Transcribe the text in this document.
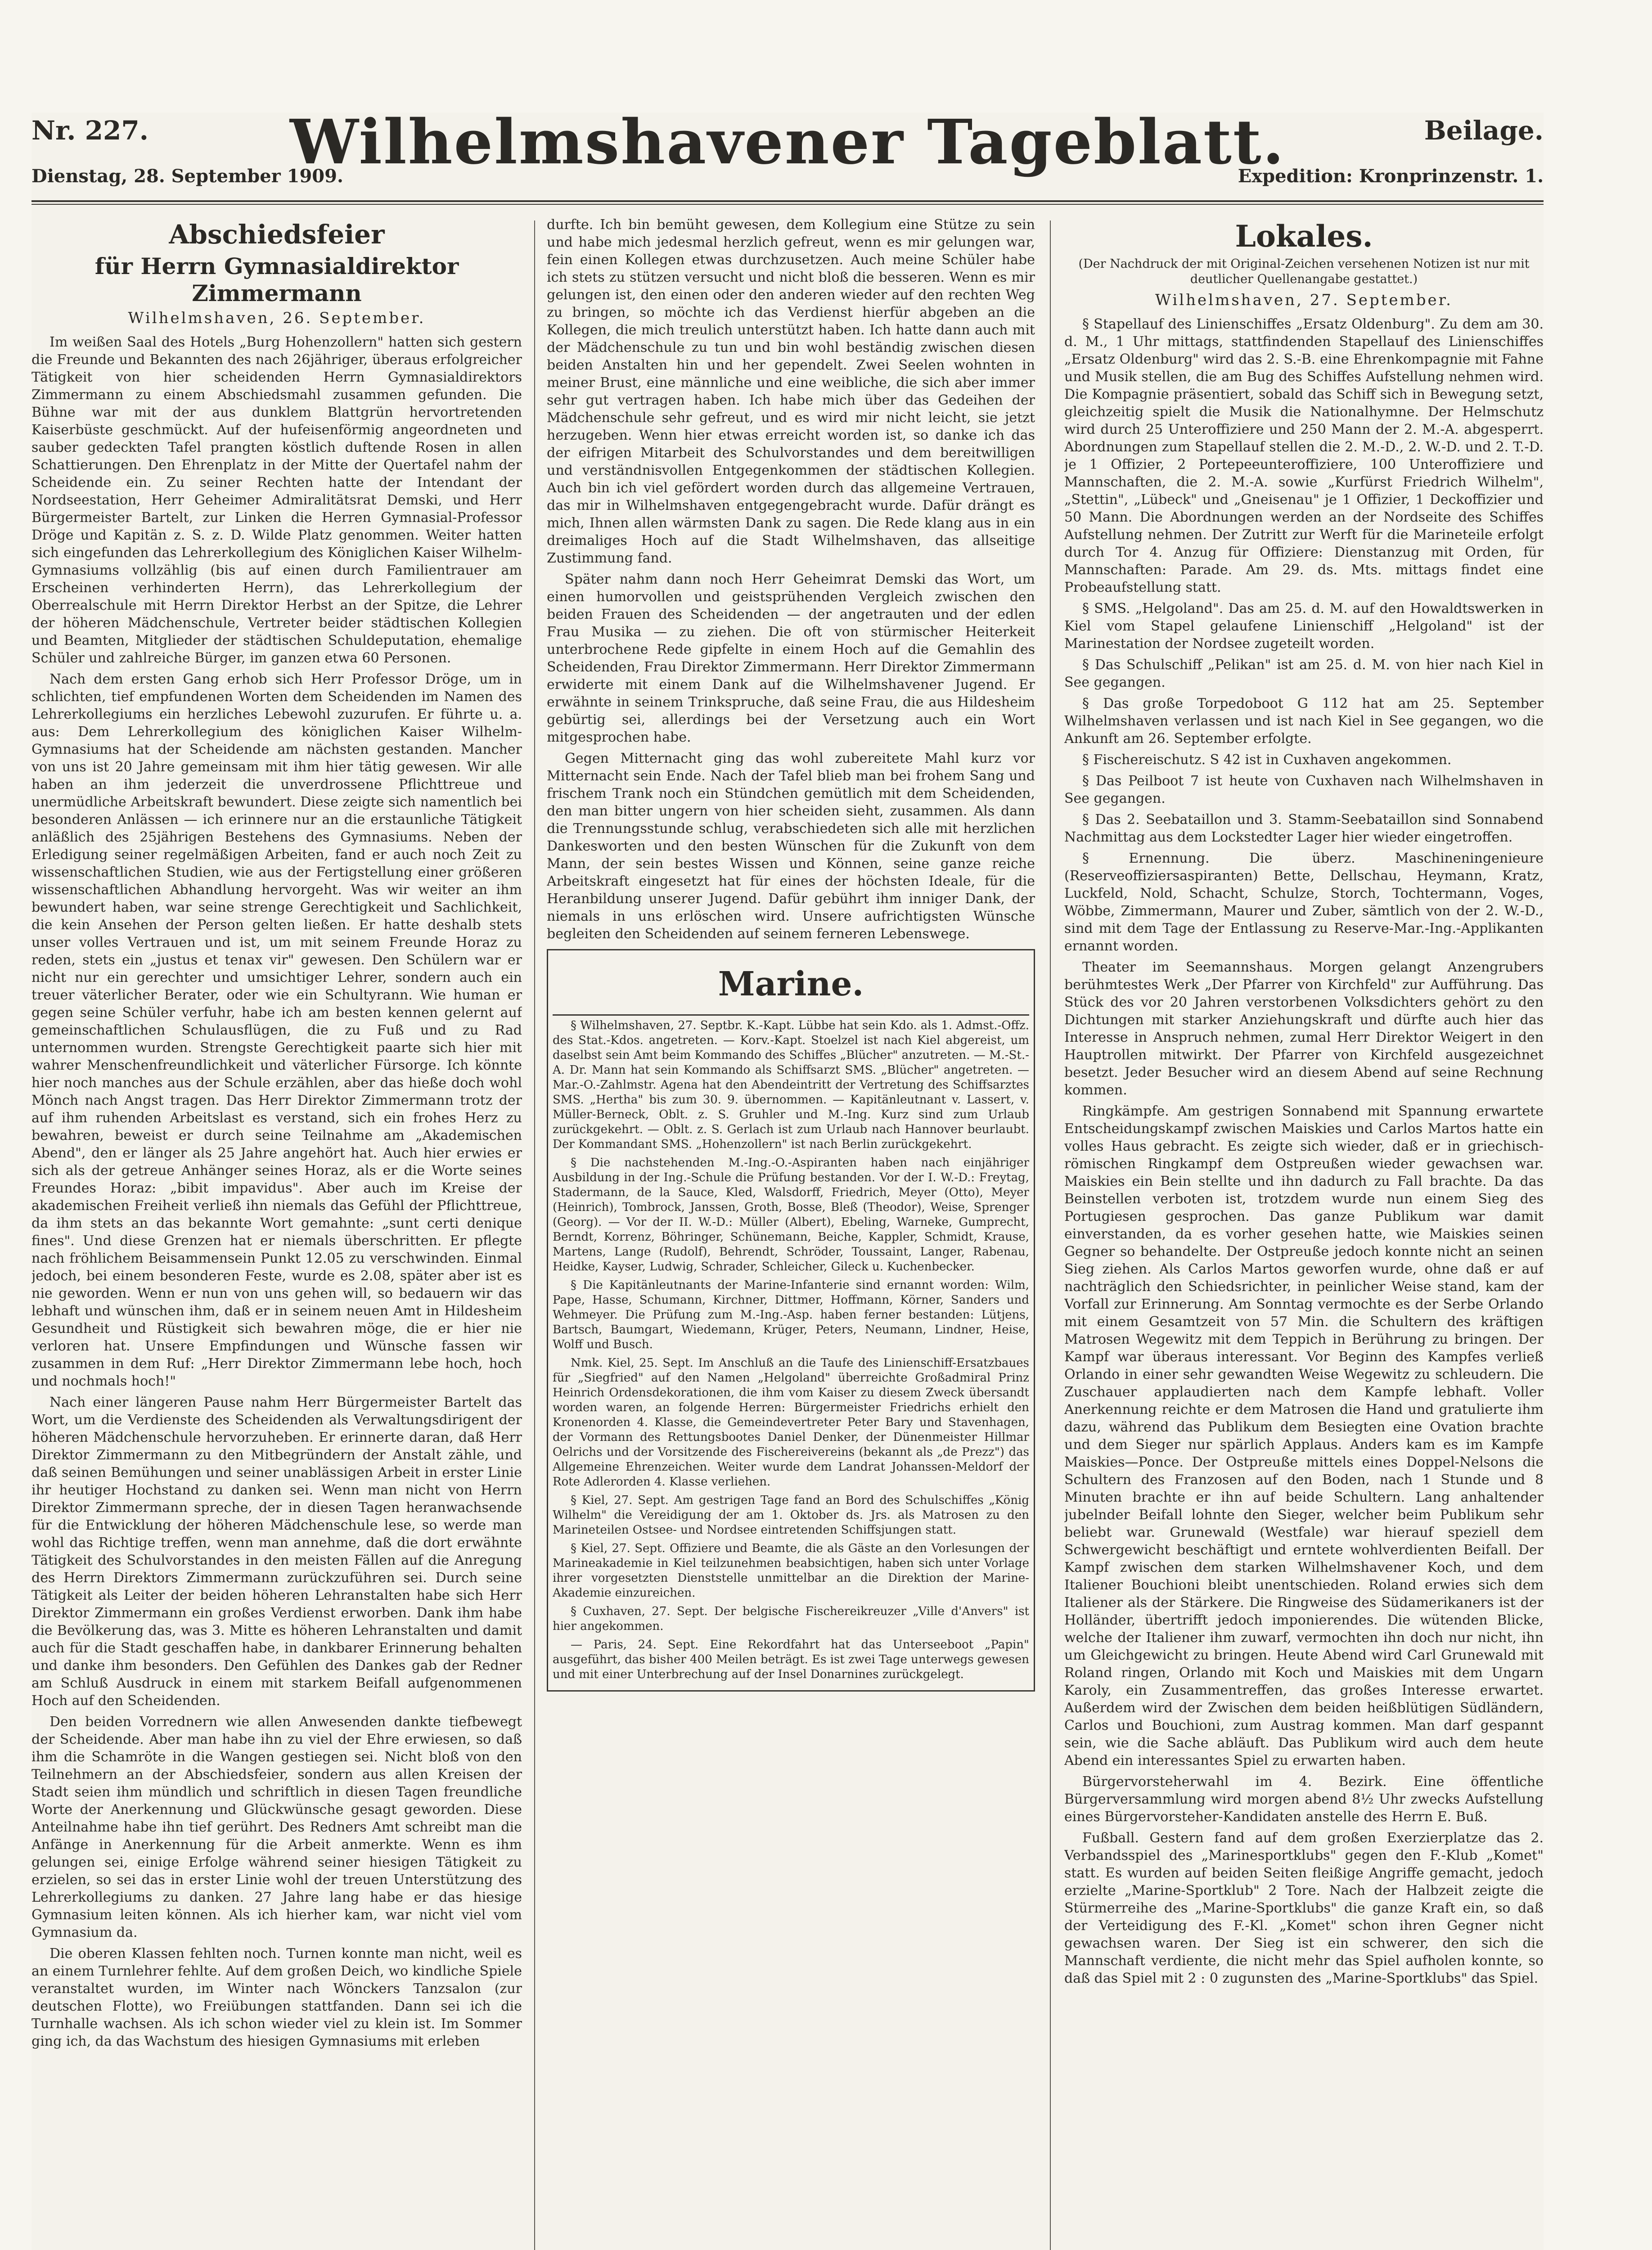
Nr. 227.
Dienstag, 28. September 1909.
Wilhelmshavener Tageblatt.	Beilage.
Expedition: Kronprinzenstr. 1.
Abschiedsfeier
für Herrn Gymnasialdirektor Zimmermann
Wilhelmshaven, 26. September.

Im weißen Saal des Hotels „Burg Hohenzollern" hatten sich gestern die Freunde und Bekannten des nach 26jähriger, überaus erfolgreicher Tätigkeit von hier scheidenden Herrn Gymnasialdirektors Zimmermann zu einem Abschiedsmahl zusammen gefunden. Die Bühne war mit der aus dunklem Blattgrün hervortretenden Kaiserbüste geschmückt. Auf der hufeisenförmig angeordneten und sauber gedeckten Tafel prangten köstlich duftende Rosen in allen Schattierungen. Den Ehrenplatz in der Mitte der Quertafel nahm der Scheidende ein. Zu seiner Rechten hatte der Intendant der Nordseestation, Herr Geheimer Admiralitätsrat Demski, und Herr Bürgermeister Bartelt, zur Linken die Herren Gymnasial-Professor Dröge und Kapitän z. S. z. D. Wilde Platz genommen. Weiter hatten sich eingefunden das Lehrerkollegium des Königlichen Kaiser Wilhelm-Gymnasiums vollzählig (bis auf einen durch Familientrauer am Erscheinen verhinderten Herrn), das Lehrerkollegium der Oberrealschule mit Herrn Direktor Herbst an der Spitze, die Lehrer der höheren Mädchenschule, Vertreter beider städtischen Kollegien und Beamten, Mitglieder der städtischen Schuldeputation, ehemalige Schüler und zahlreiche Bürger, im ganzen etwa 60 Personen.

Nach dem ersten Gang erhob sich Herr Professor Dröge, um in schlichten, tief empfundenen Worten dem Scheidenden im Namen des Lehrerkollegiums ein herzliches Lebewohl zuzurufen. Er führte u. a. aus: Dem Lehrerkollegium des königlichen Kaiser Wilhelm-Gymnasiums hat der Scheidende am nächsten gestanden. Mancher von uns ist 20 Jahre gemeinsam mit ihm hier tätig gewesen. Wir alle haben an ihm jederzeit die unverdrossene Pflichttreue und unermüdliche Arbeitskraft bewundert. Diese zeigte sich namentlich bei besonderen Anlässen — ich erinnere nur an die erstaunliche Tätigkeit anläßlich des 25jährigen Bestehens des Gymnasiums. Neben der Erledigung seiner regelmäßigen Arbeiten, fand er auch noch Zeit zu wissenschaftlichen Studien, wie aus der Fertigstellung einer größeren wissenschaftlichen Abhandlung hervorgeht. Was wir weiter an ihm bewundert haben, war seine strenge Gerechtigkeit und Sachlichkeit, die kein Ansehen der Person gelten ließen. Er hatte deshalb stets unser volles Vertrauen und ist, um mit seinem Freunde Horaz zu reden, stets ein „justus et tenax vir" gewesen. Den Schülern war er nicht nur ein gerechter und umsichtiger Lehrer, sondern auch ein treuer väterlicher Berater, oder wie ein Schultyrann. Wie human er gegen seine Schüler verfuhr, habe ich am besten kennen gelernt auf gemeinschaftlichen Schulausflügen, die zu Fuß und zu Rad unternommen wurden. Strengste Gerechtigkeit paarte sich hier mit wahrer Menschenfreundlichkeit und väterlicher Fürsorge. Ich könnte hier noch manches aus der Schule erzählen, aber das hieße doch wohl Mönch nach Angst tragen. Das Herr Direktor Zimmermann trotz der auf ihm ruhenden Arbeitslast es verstand, sich ein frohes Herz zu bewahren, beweist er durch seine Teilnahme am „Akademischen Abend", den er länger als 25 Jahre angehört hat. Auch hier erwies er sich als der getreue Anhänger seines Horaz, als er die Worte seines Freundes Horaz: „bibit impavidus". Aber auch im Kreise der akademischen Freiheit verließ ihn niemals das Gefühl der Pflichttreue, da ihm stets an das bekannte Wort gemahnte: „sunt certi denique fines". Und diese Grenzen hat er niemals überschritten. Er pflegte nach fröhlichem Beisammensein Punkt 12.05 zu verschwinden. Einmal jedoch, bei einem besonderen Feste, wurde es 2.08, später aber ist es nie geworden. Wenn er nun von uns gehen will, so bedauern wir das lebhaft und wünschen ihm, daß er in seinem neuen Amt in Hildesheim Gesundheit und Rüstigkeit sich bewahren möge, die er hier nie verloren hat. Unsere Empfindungen und Wünsche fassen wir zusammen in dem Ruf: „Herr Direktor Zimmermann lebe hoch, hoch und nochmals hoch!"

Nach einer längeren Pause nahm Herr Bürgermeister Bartelt das Wort, um die Verdienste des Scheidenden als Verwaltungsdirigent der höheren Mädchenschule hervorzuheben. Er erinnerte daran, daß Herr Direktor Zimmermann zu den Mitbegründern der Anstalt zähle, und daß seinen Bemühungen und seiner unablässigen Arbeit in erster Linie ihr heutiger Hochstand zu danken sei. Wenn man nicht von Herrn Direktor Zimmermann spreche, der in diesen Tagen heranwachsende für die Entwicklung der höheren Mädchenschule lese, so werde man wohl das Richtige treffen, wenn man annehme, daß die dort erwähnte Tätigkeit des Schulvorstandes in den meisten Fällen auf die Anregung des Herrn Direktors Zimmermann zurückzuführen sei. Durch seine Tätigkeit als Leiter der beiden höheren Lehranstalten habe sich Herr Direktor Zimmermann ein großes Verdienst erworben. Dank ihm habe die Bevölkerung das, was 3. Mitte es höheren Lehranstalten und damit auch für die Stadt geschaffen habe, in dankbarer Erinnerung behalten und danke ihm besonders. Den Gefühlen des Dankes gab der Redner am Schluß Ausdruck in einem mit starkem Beifall aufgenommenen Hoch auf den Scheidenden.

Den beiden Vorrednern wie allen Anwesenden dankte tiefbewegt der Scheidende. Aber man habe ihn zu viel der Ehre erwiesen, so daß ihm die Schamröte in die Wangen gestiegen sei. Nicht bloß von den Teilnehmern an der Abschiedsfeier, sondern aus allen Kreisen der Stadt seien ihm mündlich und schriftlich in diesen Tagen freundliche Worte der Anerkennung und Glückwünsche gesagt geworden. Diese Anteilnahme habe ihn tief gerührt. Des Redners Amt schreibt man die Anfänge in Anerkennung für die Arbeit anmerkte. Wenn es ihm gelungen sei, einige Erfolge während seiner hiesigen Tätigkeit zu erzielen, so sei das in erster Linie wohl der treuen Unterstützung des Lehrerkollegiums zu danken. 27 Jahre lang habe er das hiesige Gymnasium leiten können. Als ich hierher kam, war nicht viel vom Gymnasium da.

Die oberen Klassen fehlten noch. Turnen konnte man nicht, weil es an einem Turnlehrer fehlte. Auf dem großen Deich, wo kindliche Spiele veranstaltet wurden, im Winter nach Wönckers Tanzsalon (zur deutschen Flotte), wo Freiübungen stattfanden. Dann sei ich die Turnhalle wachsen. Als ich schon wieder viel zu klein ist. Im Sommer ging ich, da das Wachstum des hiesigen Gymnasiums mit erleben

durfte. Ich bin bemüht gewesen, dem Kollegium eine Stütze zu sein und habe mich jedesmal herzlich gefreut, wenn es mir gelungen war, fein einen Kollegen etwas durchzusetzen. Auch meine Schüler habe ich stets zu stützen versucht und nicht bloß die besseren. Wenn es mir gelungen ist, den einen oder den anderen wieder auf den rechten Weg zu bringen, so möchte ich das Verdienst hierfür abgeben an die Kollegen, die mich treulich unterstützt haben. Ich hatte dann auch mit der Mädchenschule zu tun und bin wohl beständig zwischen diesen beiden Anstalten hin und her gependelt. Zwei Seelen wohnten in meiner Brust, eine männliche und eine weibliche, die sich aber immer sehr gut vertragen haben. Ich habe mich über das Gedeihen der Mädchenschule sehr gefreut, und es wird mir nicht leicht, sie jetzt herzugeben. Wenn hier etwas erreicht worden ist, so danke ich das der eifrigen Mitarbeit des Schulvorstandes und dem bereitwilligen und verständnisvollen Entgegenkommen der städtischen Kollegien. Auch bin ich viel gefördert worden durch das allgemeine Vertrauen, das mir in Wilhelmshaven entgegengebracht wurde. Dafür drängt es mich, Ihnen allen wärmsten Dank zu sagen. Die Rede klang aus in ein dreimaliges Hoch auf die Stadt Wilhelmshaven, das allseitige Zustimmung fand.

Später nahm dann noch Herr Geheimrat Demski das Wort, um einen humorvollen und geistsprühenden Vergleich zwischen den beiden Frauen des Scheidenden — der angetrauten und der edlen Frau Musika — zu ziehen. Die oft von stürmischer Heiterkeit unterbrochene Rede gipfelte in einem Hoch auf die Gemahlin des Scheidenden, Frau Direktor Zimmermann. Herr Direktor Zimmermann erwiderte mit einem Dank auf die Wilhelmshavener Jugend. Er erwähnte in seinem Trinkspruche, daß seine Frau, die aus Hildesheim gebürtig sei, allerdings bei der Versetzung auch ein Wort mitgesprochen habe.

Gegen Mitternacht ging das wohl zubereitete Mahl kurz vor Mitternacht sein Ende. Nach der Tafel blieb man bei frohem Sang und frischem Trank noch ein Stündchen gemütlich mit dem Scheidenden, den man bitter ungern von hier scheiden sieht, zusammen. Als dann die Trennungsstunde schlug, verabschiedeten sich alle mit herzlichen Dankesworten und den besten Wünschen für die Zukunft von dem Mann, der sein bestes Wissen und Können, seine ganze reiche Arbeitskraft eingesetzt hat für eines der höchsten Ideale, für die Heranbildung unserer Jugend. Dafür gebührt ihm inniger Dank, der niemals in uns erlöschen wird. Unsere aufrichtigsten Wünsche begleiten den Scheidenden auf seinem ferneren Lebenswege.

Marine.

§ Wilhelmshaven, 27. Septbr. K.-Kapt. Lübbe hat sein Kdo. als 1. Admst.-Offz. des Stat.-Kdos. angetreten. — Korv.-Kapt. Stoelzel ist nach Kiel abgereist, um daselbst sein Amt beim Kommando des Schiffes „Blücher" anzutreten. — M.-St.-A. Dr. Mann hat sein Kommando als Schiffsarzt SMS. „Blücher" angetreten. — Mar.-O.-Zahlmstr. Agena hat den Abendeintritt der Vertretung des Schiffsarztes SMS. „Hertha" bis zum 30. 9. übernommen. — Kapitänleutnant v. Lassert, v. Müller-Berneck, Oblt. z. S. Gruhler und M.-Ing. Kurz sind zum Urlaub zurückgekehrt. — Oblt. z. S. Gerlach ist zum Urlaub nach Hannover beurlaubt. Der Kommandant SMS. „Hohenzollern" ist nach Berlin zurückgekehrt.

§ Die nachstehenden M.-Ing.-O.-Aspiranten haben nach einjähriger Ausbildung in der Ing.-Schule die Prüfung bestanden. Vor der I. W.-D.: Freytag, Stadermann, de la Sauce, Kled, Walsdorff, Friedrich, Meyer (Otto), Meyer (Heinrich), Tombrock, Janssen, Groth, Bosse, Bleß (Theodor), Weise, Sprenger (Georg). — Vor der II. W.-D.: Müller (Albert), Ebeling, Warneke, Gumprecht, Berndt, Korrenz, Böhringer, Schünemann, Beiche, Kappler, Schmidt, Krause, Martens, Lange (Rudolf), Behrendt, Schröder, Toussaint, Langer, Rabenau, Heidke, Kayser, Ludwig, Schrader, Schleicher, Gileck u. Kuchenbecker.

§ Die Kapitänleutnants der Marine-Infanterie sind ernannt worden: Wilm, Pape, Hasse, Schumann, Kirchner, Dittmer, Hoffmann, Körner, Sanders und Wehmeyer. Die Prüfung zum M.-Ing.-Asp. haben ferner bestanden: Lütjens, Bartsch, Baumgart, Wiedemann, Krüger, Peters, Neumann, Lindner, Heise, Wolff und Busch.

Nmk. Kiel, 25. Sept. Im Anschluß an die Taufe des Linienschiff-Ersatzbaues für „Siegfried" auf den Namen „Helgoland" überreichte Großadmiral Prinz Heinrich Ordensdekorationen, die ihm vom Kaiser zu diesem Zweck übersandt worden waren, an folgende Herren: Bürgermeister Friedrichs erhielt den Kronenorden 4. Klasse, die Gemeindevertreter Peter Bary und Stavenhagen, der Vormann des Rettungsbootes Daniel Denker, der Dünenmeister Hillmar Oelrichs und der Vorsitzende des Fischereivereins (bekannt als „de Prezz") das Allgemeine Ehrenzeichen. Weiter wurde dem Landrat Johanssen-Meldorf der Rote Adlerorden 4. Klasse verliehen.

§ Kiel, 27. Sept. Am gestrigen Tage fand an Bord des Schulschiffes „König Wilhelm" die Vereidigung der am 1. Oktober ds. Jrs. als Matrosen zu den Marineteilen Ostsee- und Nordsee eintretenden Schiffsjungen statt.

§ Kiel, 27. Sept. Offiziere und Beamte, die als Gäste an den Vorlesungen der Marineakademie in Kiel teilzunehmen beabsichtigen, haben sich unter Vorlage ihrer vorgesetzten Dienststelle unmittelbar an die Direktion der Marine-Akademie einzureichen.

§ Cuxhaven, 27. Sept. Der belgische Fischereikreuzer „Ville d'Anvers" ist hier angekommen.

— Paris, 24. Sept. Eine Rekordfahrt hat das Unterseeboot „Papin" ausgeführt, das bisher 400 Meilen beträgt. Es ist zwei Tage unterwegs gewesen und mit einer Unterbrechung auf der Insel Donarnines zurückgelegt.

Lokales.
(Der Nachdruck der mit Original-Zeichen versehenen Notizen ist nur mit deutlicher Quellenangabe gestattet.)
Wilhelmshaven, 27. September.

§ Stapellauf des Linienschiffes „Ersatz Oldenburg". Zu dem am 30. d. M., 1 Uhr mittags, stattfindenden Stapellauf des Linienschiffes „Ersatz Oldenburg" wird das 2. S.-B. eine Ehrenkompagnie mit Fahne und Musik stellen, die am Bug des Schiffes Aufstellung nehmen wird. Die Kompagnie präsentiert, sobald das Schiff sich in Bewegung setzt, gleichzeitig spielt die Musik die Nationalhymne. Der Helmschutz wird durch 25 Unteroffiziere und 250 Mann der 2. M.-A. abgesperrt. Abordnungen zum Stapellauf stellen die 2. M.-D., 2. W.-D. und 2. T.-D. je 1 Offizier, 2 Portepeeunteroffiziere, 100 Unteroffiziere und Mannschaften, die 2. M.-A. sowie „Kurfürst Friedrich Wilhelm", „Stettin", „Lübeck" und „Gneisenau" je 1 Offizier, 1 Deckoffizier und 50 Mann. Die Abordnungen werden an der Nordseite des Schiffes Aufstellung nehmen. Der Zutritt zur Werft für die Marineteile erfolgt durch Tor 4. Anzug für Offiziere: Dienstanzug mit Orden, für Mannschaften: Parade. Am 29. ds. Mts. mittags findet eine Probeaufstellung statt.

§ SMS. „Helgoland". Das am 25. d. M. auf den Howaldtswerken in Kiel vom Stapel gelaufene Linienschiff „Helgoland" ist der Marinestation der Nordsee zugeteilt worden.

§ Das Schulschiff „Pelikan" ist am 25. d. M. von hier nach Kiel in See gegangen.

§ Das große Torpedoboot G 112 hat am 25. September Wilhelmshaven verlassen und ist nach Kiel in See gegangen, wo die Ankunft am 26. September erfolgte.

§ Fischereischutz. S 42 ist in Cuxhaven angekommen.

§ Das Peilboot 7 ist heute von Cuxhaven nach Wilhelmshaven in See gegangen.

§ Das 2. Seebataillon und 3. Stamm-Seebataillon sind Sonnabend Nachmittag aus dem Lockstedter Lager hier wieder eingetroffen.

§ Ernennung. Die überz. Maschineningenieure (Reserveoffiziersaspiranten) Bette, Dellschau, Heymann, Kratz, Luckfeld, Nold, Schacht, Schulze, Storch, Tochtermann, Voges, Wöbbe, Zimmermann, Maurer und Zuber, sämtlich von der 2. W.-D., sind mit dem Tage der Entlassung zu Reserve-Mar.-Ing.-Applikanten ernannt worden.

Theater im Seemannshaus. Morgen gelangt Anzengrubers berühmtestes Werk „Der Pfarrer von Kirchfeld" zur Aufführung. Das Stück des vor 20 Jahren verstorbenen Volksdichters gehört zu den Dichtungen mit starker Anziehungskraft und dürfte auch hier das Interesse in Anspruch nehmen, zumal Herr Direktor Weigert in den Hauptrollen mitwirkt. Der Pfarrer von Kirchfeld ausgezeichnet besetzt. Jeder Besucher wird an diesem Abend auf seine Rechnung kommen.

Ringkämpfe. Am gestrigen Sonnabend mit Spannung erwartete Entscheidungskampf zwischen Maiskies und Carlos Martos hatte ein volles Haus gebracht. Es zeigte sich wieder, daß er in griechisch-römischen Ringkampf dem Ostpreußen wieder gewachsen war. Maiskies ein Bein stellte und ihn dadurch zu Fall brachte. Da das Beinstellen verboten ist, trotzdem wurde nun einem Sieg des Portugiesen gesprochen. Das ganze Publikum war damit einverstanden, da es vorher gesehen hatte, wie Maiskies seinen Gegner so behandelte. Der Ostpreuße jedoch konnte nicht an seinen Sieg ziehen. Als Carlos Martos geworfen wurde, ohne daß er auf nachträglich den Schiedsrichter, in peinlicher Weise stand, kam der Vorfall zur Erinnerung. Am Sonntag vermochte es der Serbe Orlando mit einem Gesamtzeit von 57 Min. die Schultern des kräftigen Matrosen Wegewitz mit dem Teppich in Berührung zu bringen. Der Kampf war überaus interessant. Vor Beginn des Kampfes verließ Orlando in einer sehr gewandten Weise Wegewitz zu schleudern. Die Zuschauer applaudierten nach dem Kampfe lebhaft. Voller Anerkennung reichte er dem Matrosen die Hand und gratulierte ihm dazu, während das Publikum dem Besiegten eine Ovation brachte und dem Sieger nur spärlich Applaus. Anders kam es im Kampfe Maiskies—Ponce. Der Ostpreuße mittels eines Doppel-Nelsons die Schultern des Franzosen auf den Boden, nach 1 Stunde und 8 Minuten brachte er ihn auf beide Schultern. Lang anhaltender jubelnder Beifall lohnte den Sieger, welcher beim Publikum sehr beliebt war. Grunewald (Westfale) war hierauf speziell dem Schwergewicht beschäftigt und erntete wohlverdienten Beifall. Der Kampf zwischen dem starken Wilhelmshavener Koch, und dem Italiener Bouchioni bleibt unentschieden. Roland erwies sich dem Italiener als der Stärkere. Die Ringweise des Südamerikaners ist der Holländer, übertrifft jedoch imponierendes. Die wütenden Blicke, welche der Italiener ihm zuwarf, vermochten ihn doch nur nicht, ihn um Gleichgewicht zu bringen. Heute Abend wird Carl Grunewald mit Roland ringen, Orlando mit Koch und Maiskies mit dem Ungarn Karoly, ein Zusammentreffen, das großes Interesse erwartet. Außerdem wird der Zwischen dem beiden heißblütigen Südländern, Carlos und Bouchioni, zum Austrag kommen. Man darf gespannt sein, wie die Sache abläuft. Das Publikum wird auch dem heute Abend ein interessantes Spiel zu erwarten haben.

Bürgervorsteherwahl im 4. Bezirk. Eine öffentliche Bürgerversammlung wird morgen abend 8½ Uhr zwecks Aufstellung eines Bürgervorsteher-Kandidaten anstelle des Herrn E. Buß.

Fußball. Gestern fand auf dem großen Exerzierplatze das 2. Verbandsspiel des „Marinesportklubs" gegen den F.-Klub „Komet" statt. Es wurden auf beiden Seiten fleißige Angriffe gemacht, jedoch erzielte „Marine-Sportklub" 2 Tore. Nach der Halbzeit zeigte die Stürmerreihe des „Marine-Sportklubs" die ganze Kraft ein, so daß der Verteidigung des F.-Kl. „Komet" schon ihren Gegner nicht gewachsen waren. Der Sieg ist ein schwerer, den sich die Mannschaft verdiente, die nicht mehr das Spiel aufholen konnte, so daß das Spiel mit 2 : 0 zugunsten des „Marine-Sportklubs" das Spiel.
